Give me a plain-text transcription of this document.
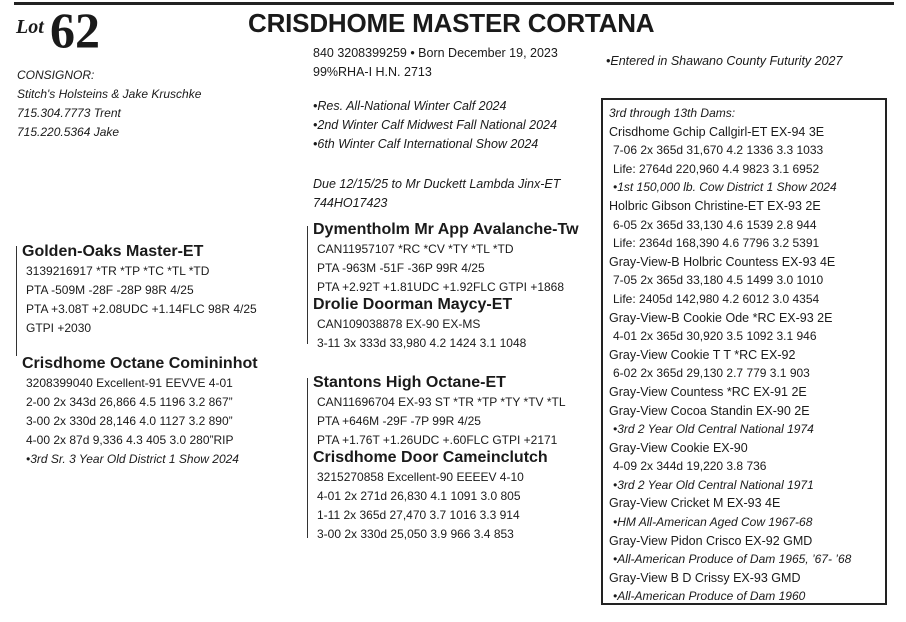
Lot 62	CRISDHOME MASTER CORTANA
CONSIGNOR:
Stitch's Holsteins & Jake Kruschke
715.304.7773 Trent
715.220.5364 Jake
840 3208399259 • Born December 19, 2023
99%RHA-I H.N. 2713
•Entered in Shawano County Futurity 2027
•Res. All-National Winter Calf 2024
•2nd Winter Calf Midwest Fall National 2024
•6th Winter Calf International Show 2024
Due 12/15/25 to Mr Duckett Lambda Jinx-ET
744HO17423
Golden-Oaks Master-ET
3139216917 *TR *TP *TC *TL *TD
PTA -509M -28F -28P 98R 4/25
PTA +3.08T +2.08UDC +1.14FLC 98R 4/25
GTPI +2030
Dymentholm Mr App Avalanche-Tw
CAN11957107 *RC *CV *TY *TL *TD
PTA -963M -51F -36P 99R 4/25
PTA +2.92T +1.81UDC +1.92FLC GTPI +1868
Drolie Doorman Maycy-ET
CAN109038878 EX-90 EX-MS
3-11 3x 333d 33,980 4.2 1424 3.1 1048
Crisdhome Octane Comininhot
3208399040 Excellent-91 EEVVE 4-01
2-00 2x 343d 26,866 4.5 1196 3.2 867”
3-00 2x 330d 28,146 4.0 1127 3.2 890”
4-00 2x 87d 9,336 4.3 405 3.0 280”RIP
•3rd Sr. 3 Year Old District 1 Show 2024
Stantons High Octane-ET
CAN11696704 EX-93 ST *TR *TP *TY *TV *TL
PTA +646M -29F -7P 99R 4/25
PTA +1.76T +1.26UDC +.60FLC GTPI +2171
Crisdhome Door Cameinclutch
3215270858 Excellent-90 EEEEV 4-10
4-01 2x 271d 26,830 4.1 1091 3.0 805
1-11 2x 365d 27,470 3.7 1016 3.3 914
3-00 2x 330d 25,050 3.9 966 3.4 853
3rd through 13th Dams:
Crisdhome Gchip Callgirl-ET EX-94 3E
7-06 2x 365d 31,670 4.2 1336 3.3 1033
Life: 2764d 220,960 4.4 9823 3.1 6952
•1st 150,000 lb. Cow District 1 Show 2024
Holbric Gibson Christine-ET EX-93 2E
6-05 2x 365d 33,130 4.6 1539 2.8 944
Life: 2364d 168,390 4.6 7796 3.2 5391
Gray-View-B Holbric Countess EX-93 4E
7-05 2x 365d 33,180 4.5 1499 3.0 1010
Life: 2405d 142,980 4.2 6012 3.0 4354
Gray-View-B Cookie Ode *RC EX-93 2E
4-01 2x 365d 30,920 3.5 1092 3.1 946
Gray-View Cookie T T *RC EX-92
6-02 2x 365d 29,130 2.7 779 3.1 903
Gray-View Countess *RC EX-91 2E
Gray-View Cocoa Standin EX-90 2E
•3rd 2 Year Old Central National 1974
Gray-View Cookie EX-90
4-09 2x 344d 19,220 3.8 736
•3rd 2 Year Old Central National 1971
Gray-View Cricket M EX-93 4E
•HM All-American Aged Cow 1967-68
Gray-View Pidon Crisco EX-92 GMD
•All-American Produce of Dam 1965, ’67- ’68
Gray-View B D Crissy EX-93 GMD
•All-American Produce of Dam 1960
